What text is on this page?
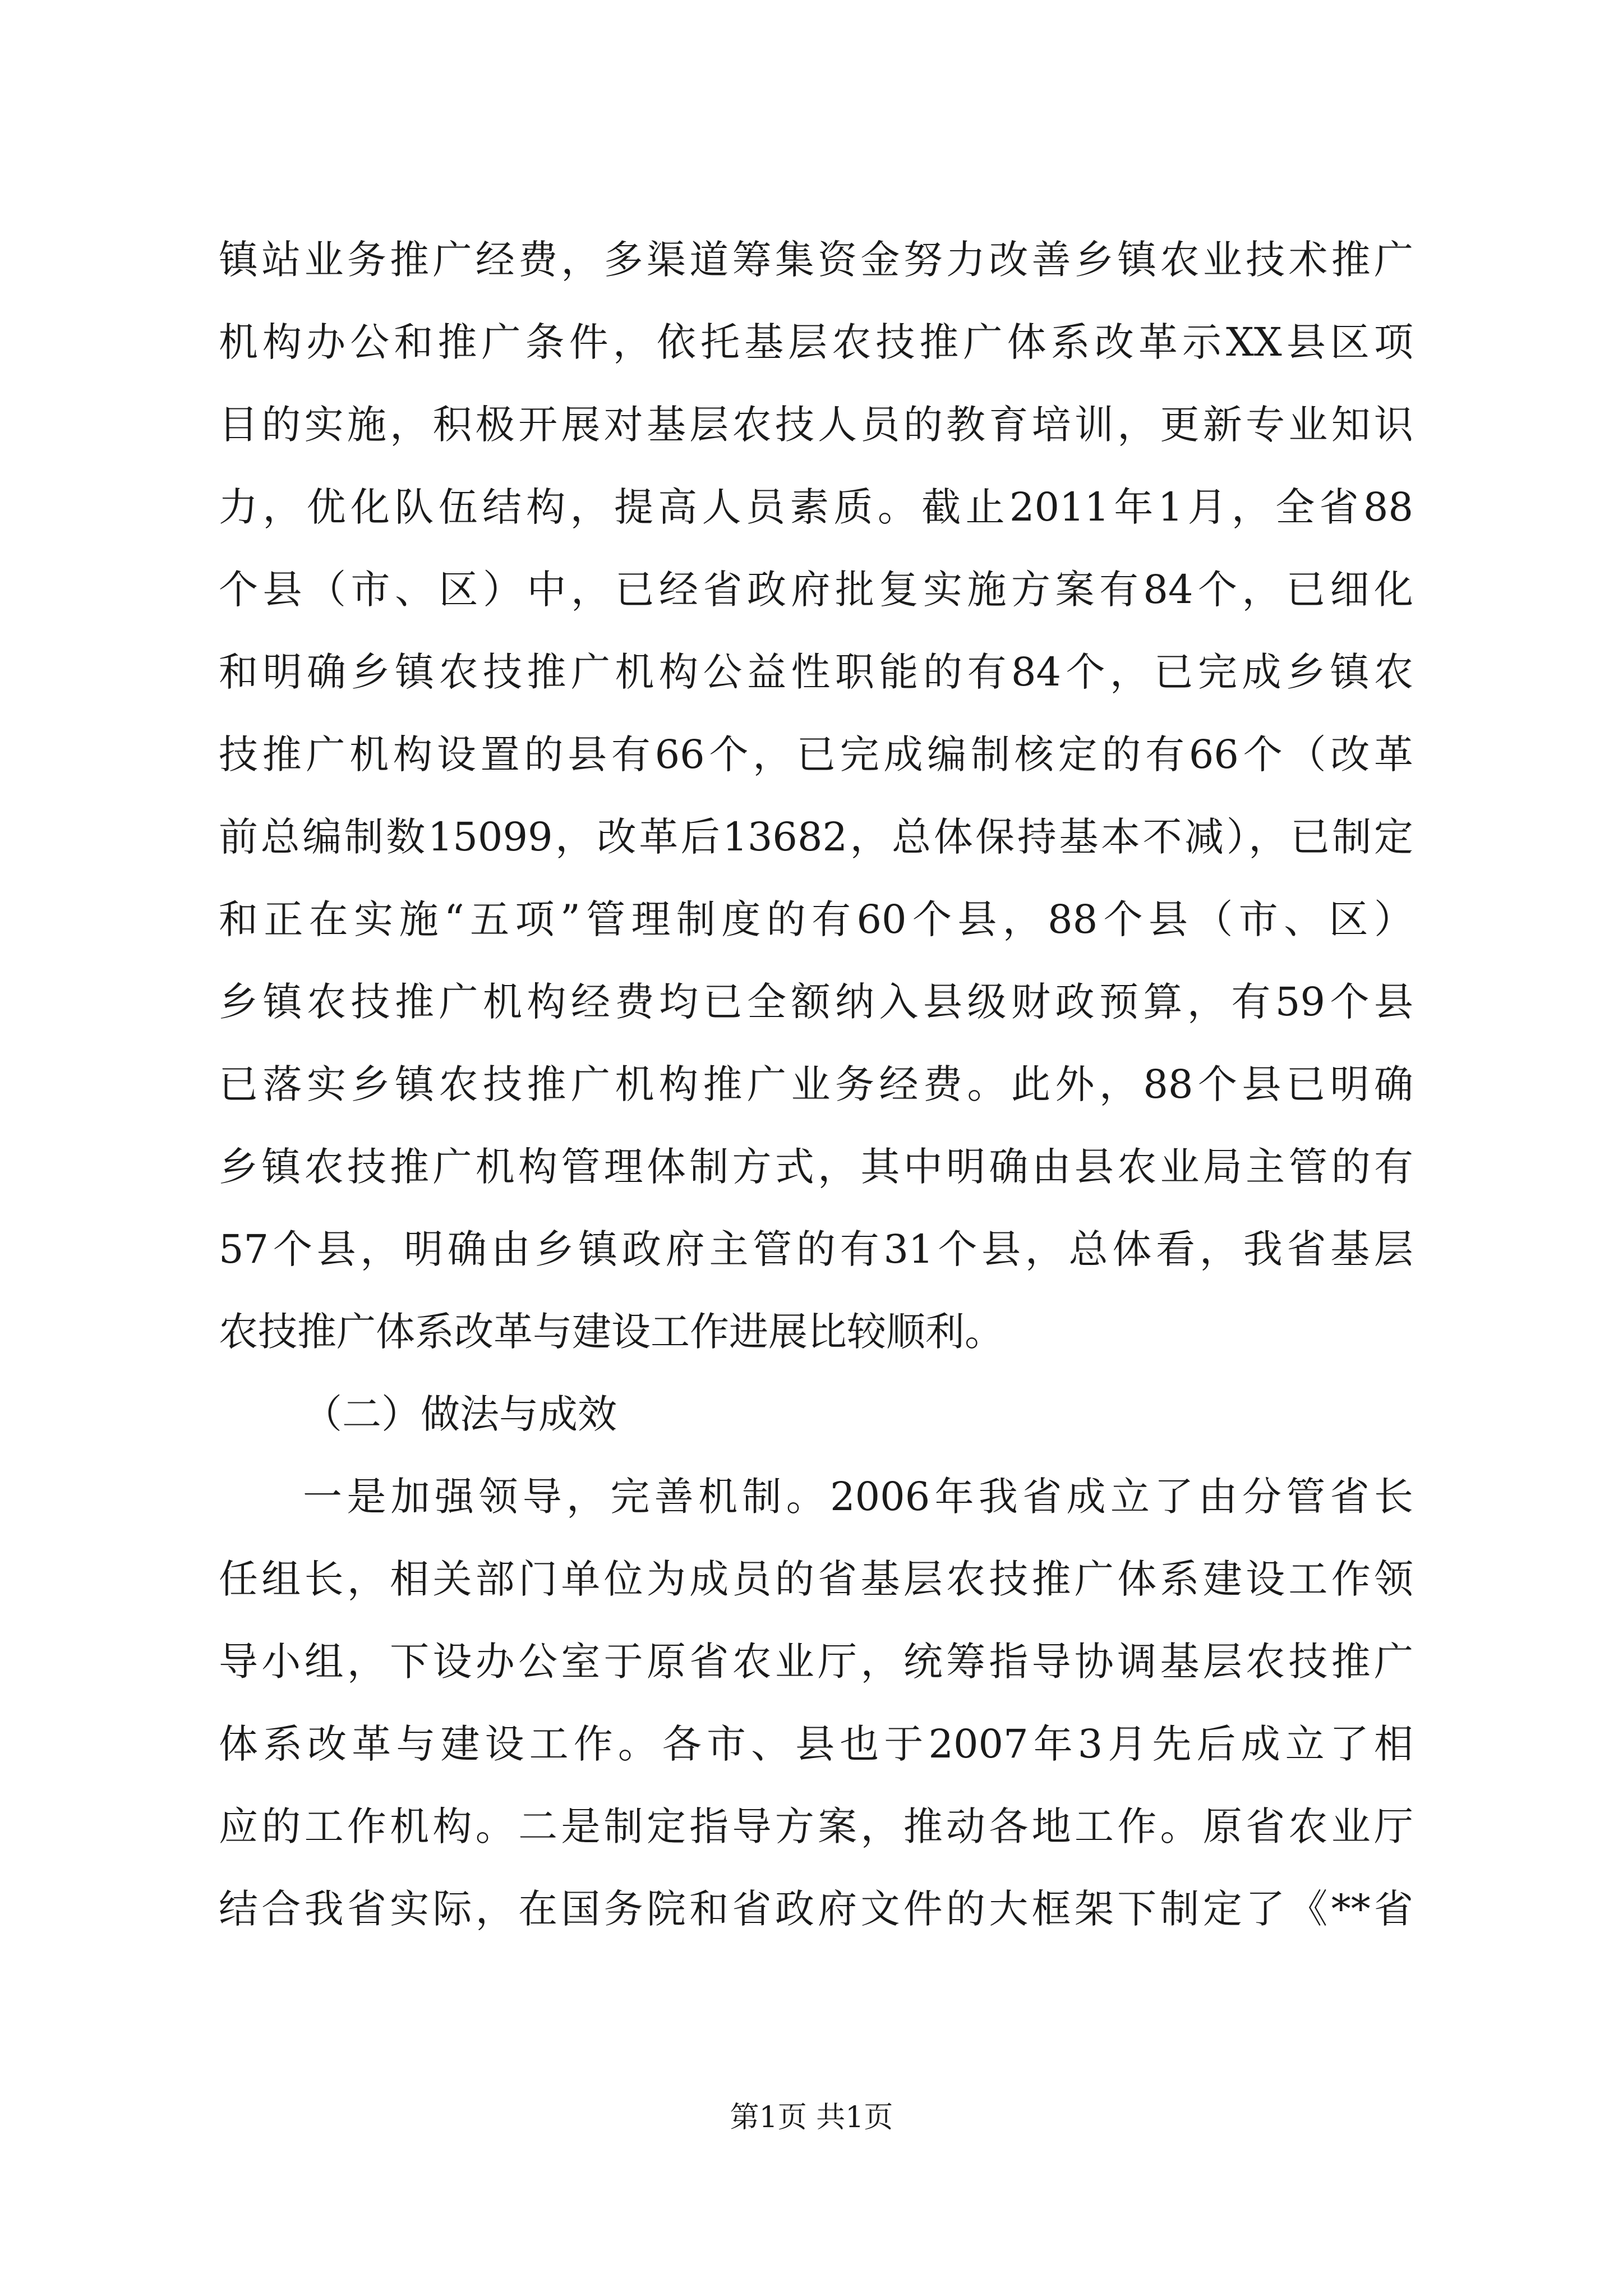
镇站业务推广经费，多渠道筹集资金努力改善乡镇农业技术推广
机构办公和推广条件，依托基层农技推广体系改革示XX县区项
目的实施，积极开展对基层农技人员的教育培训，更新专业知识
力，优化队伍结构，提高人员素质。截止2011年1月，全省88
个县（市、区）中，已经省政府批复实施方案有84个，已细化
和明确乡镇农技推广机构公益性职能的有84个，已完成乡镇农
技推广机构设置的县有66个，已完成编制核定的有66个（改革
前总编制数15099，改革后13682，总体保持基本不减），已制定
和正在实施“五项”管理制度的有60个县，88个县（市、区）
乡镇农技推广机构经费均已全额纳入县级财政预算，有59个县
已落实乡镇农技推广机构推广业务经费。此外，88个县已明确
乡镇农技推广机构管理体制方式，其中明确由县农业局主管的有
57个县，明确由乡镇政府主管的有31个县，总体看，我省基层
农技推广体系改革与建设工作进展比较顺利。
（二）做法与成效
一是加强领导，完善机制。2006年我省成立了由分管省长
任组长，相关部门单位为成员的省基层农技推广体系建设工作领
导小组，下设办公室于原省农业厅，统筹指导协调基层农技推广
体系改革与建设工作。各市、县也于2007年3月先后成立了相
应的工作机构。二是制定指导方案，推动各地工作。原省农业厅
结合我省实际，在国务院和省政府文件的大框架下制定了《**省
第1页 共1页
